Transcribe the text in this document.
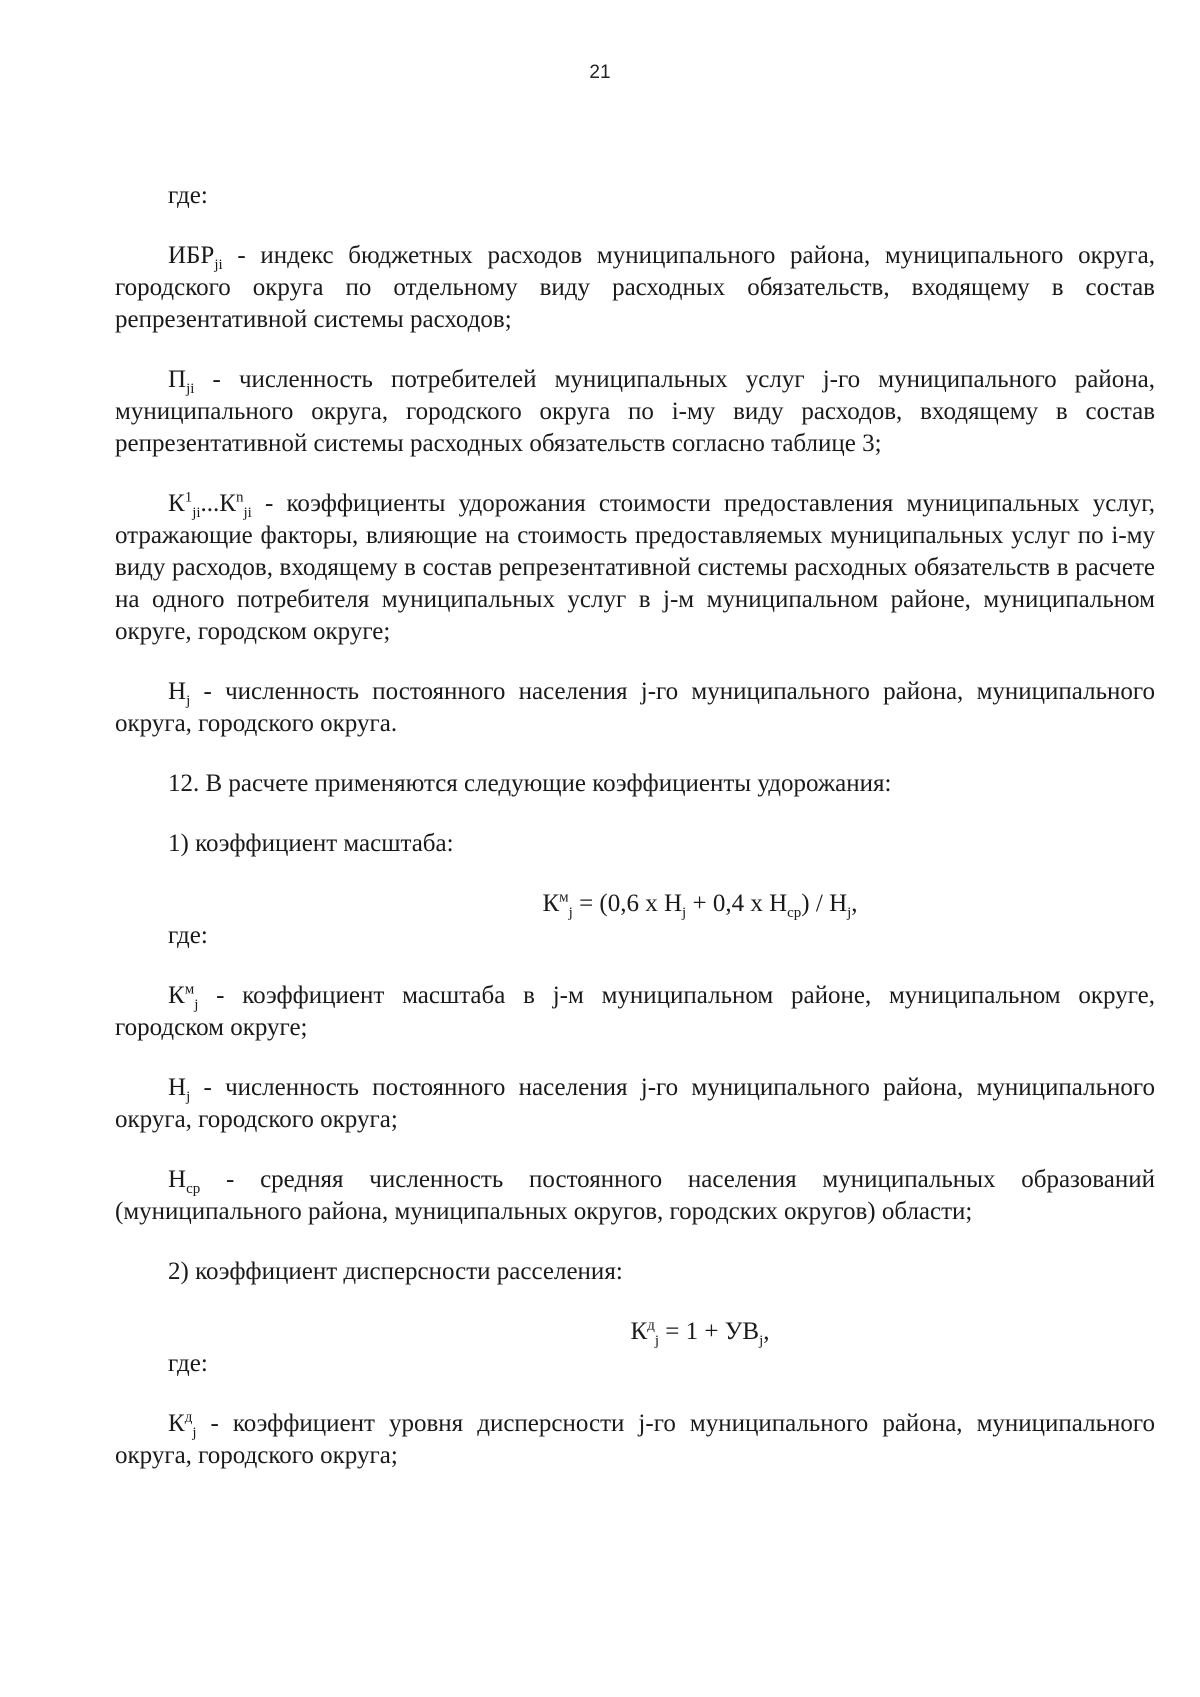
21

где:

$ИБР_{ji}$ - индекс бюджетных расходов муниципального района, муниципального округа, городского округа по отдельному виду расходных обязательств, входящему в состав репрезентативной системы расходов;

$П_{ji}$ - численность потребителей муниципальных услуг j-го муниципального района, муниципального округа, городского округа по i-му виду расходов, входящему в состав репрезентативной системы расходных обязательств согласно таблице 3;

$К^1_{ji}...К^n_{ji}$ - коэффициенты удорожания стоимости предоставления муниципальных услуг, отражающие факторы, влияющие на стоимость предоставляемых муниципальных услуг по i-му виду расходов, входящему в состав репрезентативной системы расходных обязательств в расчете на одного потребителя муниципальных услуг в j-м муниципальном районе, муниципальном округе, городском округе;

$Н_j$ - численность постоянного населения j-го муниципального района, муниципального округа, городского округа.

12. В расчете применяются следующие коэффициенты удорожания:

1) коэффициент масштаба:

$К^м_j = (0,6$ х $Н_j + 0,4$ х $Н_{ср}) / Н_j$,

где:

$К^м_j$ - коэффициент масштаба в j-м муниципальном районе, муниципальном округе, городском округе;

$Н_j$ - численность постоянного населения j-го муниципального района, муниципального округа, городского округа;

$Н_{ср}$ - средняя численность постоянного населения муниципальных образований (муниципального района, муниципальных округов, городских округов) области;

2) коэффициент дисперсности расселения:

$К^д_j = 1 + УВ_j$,

где:

$К^д_j$ - коэффициент уровня дисперсности j-го муниципального района, муниципального округа, городского округа;
